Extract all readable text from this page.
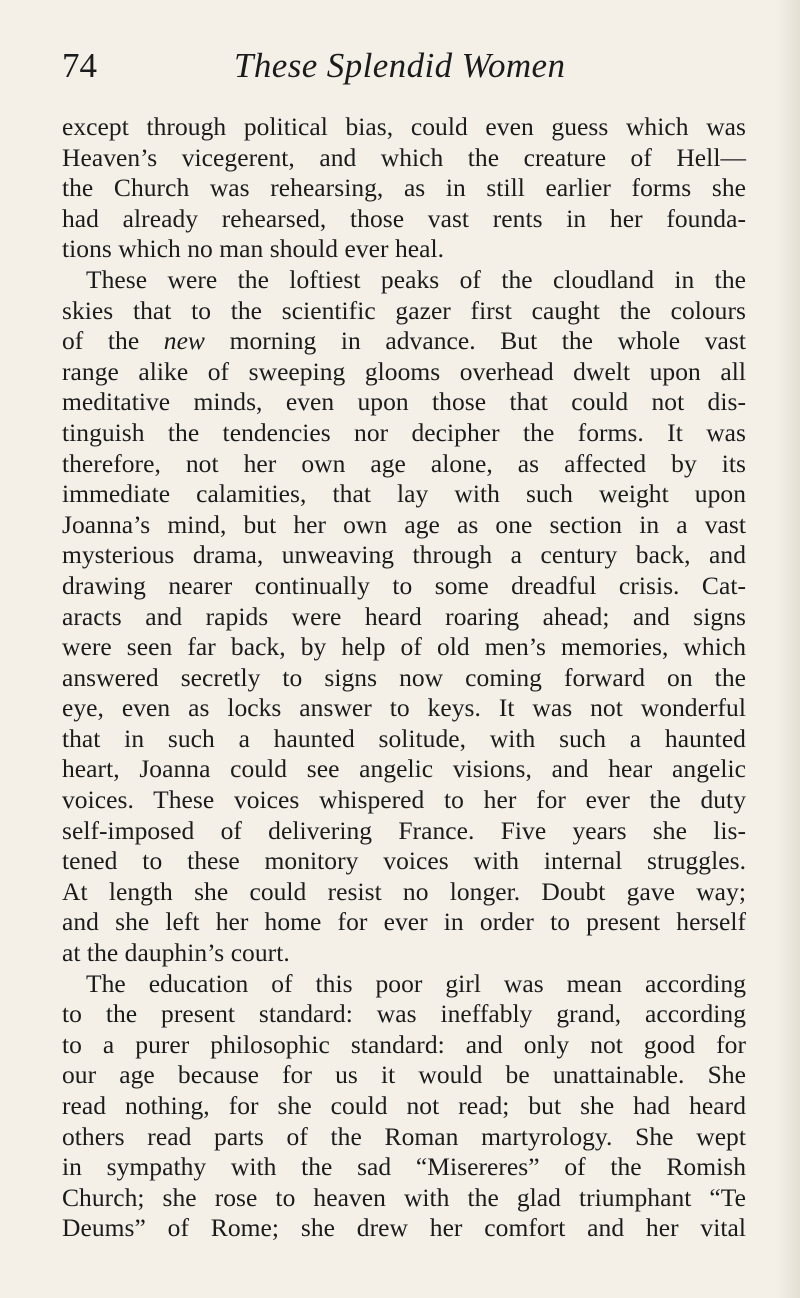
74	These Splendid Women
except through political bias, could even guess which was
Heaven’s vicegerent, and which the creature of Hell—
the Church was rehearsing, as in still earlier forms she
had already rehearsed, those vast rents in her founda-
tions which no man should ever heal.
These were the loftiest peaks of the cloudland in the
skies that to the scientific gazer first caught the colours
of the new morning in advance. But the whole vast
range alike of sweeping glooms overhead dwelt upon all
meditative minds, even upon those that could not dis-
tinguish the tendencies nor decipher the forms. It was
therefore, not her own age alone, as affected by its
immediate calamities, that lay with such weight upon
Joanna’s mind, but her own age as one section in a vast
mysterious drama, unweaving through a century back, and
drawing nearer continually to some dreadful crisis. Cat-
aracts and rapids were heard roaring ahead; and signs
were seen far back, by help of old men’s memories, which
answered secretly to signs now coming forward on the
eye, even as locks answer to keys. It was not wonderful
that in such a haunted solitude, with such a haunted
heart, Joanna could see angelic visions, and hear angelic
voices. These voices whispered to her for ever the duty
self-imposed of delivering France. Five years she lis-
tened to these monitory voices with internal struggles.
At length she could resist no longer. Doubt gave way;
and she left her home for ever in order to present herself
at the dauphin’s court.
The education of this poor girl was mean according
to the present standard: was ineffably grand, according
to a purer philosophic standard: and only not good for
our age because for us it would be unattainable. She
read nothing, for she could not read; but she had heard
others read parts of the Roman martyrology. She wept
in sympathy with the sad “Misereres” of the Romish
Church; she rose to heaven with the glad triumphant “Te
Deums” of Rome; she drew her comfort and her vital
